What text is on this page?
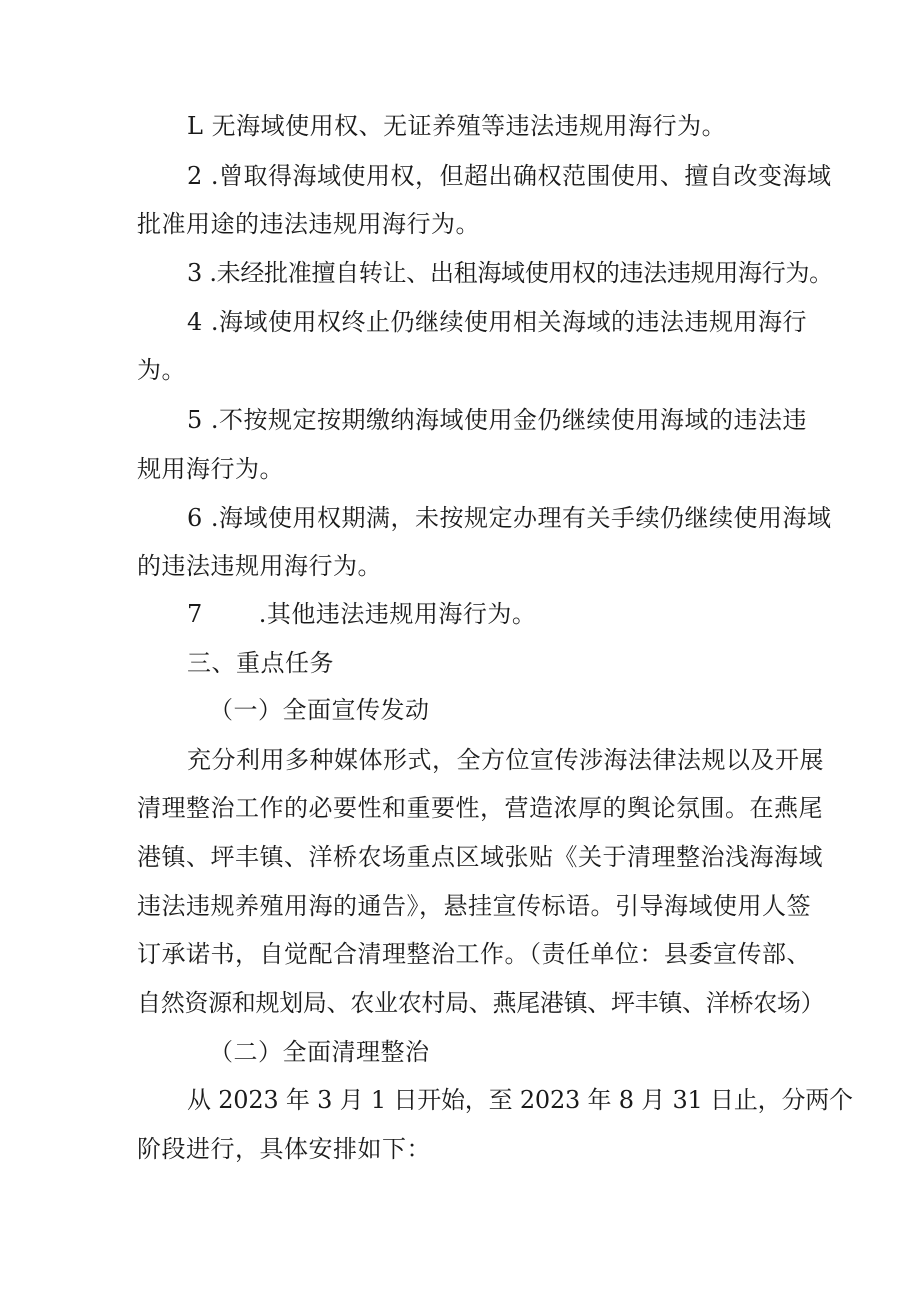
L 无海域使用权、无证养殖等违法违规用海行为。

2 .曾取得海域使用权，但超出确权范围使用、擅自改变海域

批准用途的违法违规用海行为。

3 .未经批准擅自转让、出租海域使用权的违法违规用海行为。

4 .海域使用权终止仍继续使用相关海域的违法违规用海行

为。

5 .不按规定按期缴纳海域使用金仍继续使用海域的违法违

规用海行为。

6 .海域使用权期满，未按规定办理有关手续仍继续使用海域

的违法违规用海行为。

7 .其他违法违规用海行为。

三、重点任务

（一）全面宣传发动

充分利用多种媒体形式，全方位宣传涉海法律法规以及开展

清理整治工作的必要性和重要性，营造浓厚的舆论氛围。在燕尾

港镇、坪丰镇、洋桥农场重点区域张贴《关于清理整治浅海海域

违法违规养殖用海的通告》，悬挂宣传标语。引导海域使用人签

订承诺书，自觉配合清理整治工作。（责任单位：县委宣传部、

自然资源和规划局、农业农村局、燕尾港镇、坪丰镇、洋桥农场）

（二）全面清理整治

从 2023 年 3 月 1 日开始，至 2023 年 8 月 31 日止，分两个

阶段进行，具体安排如下：
